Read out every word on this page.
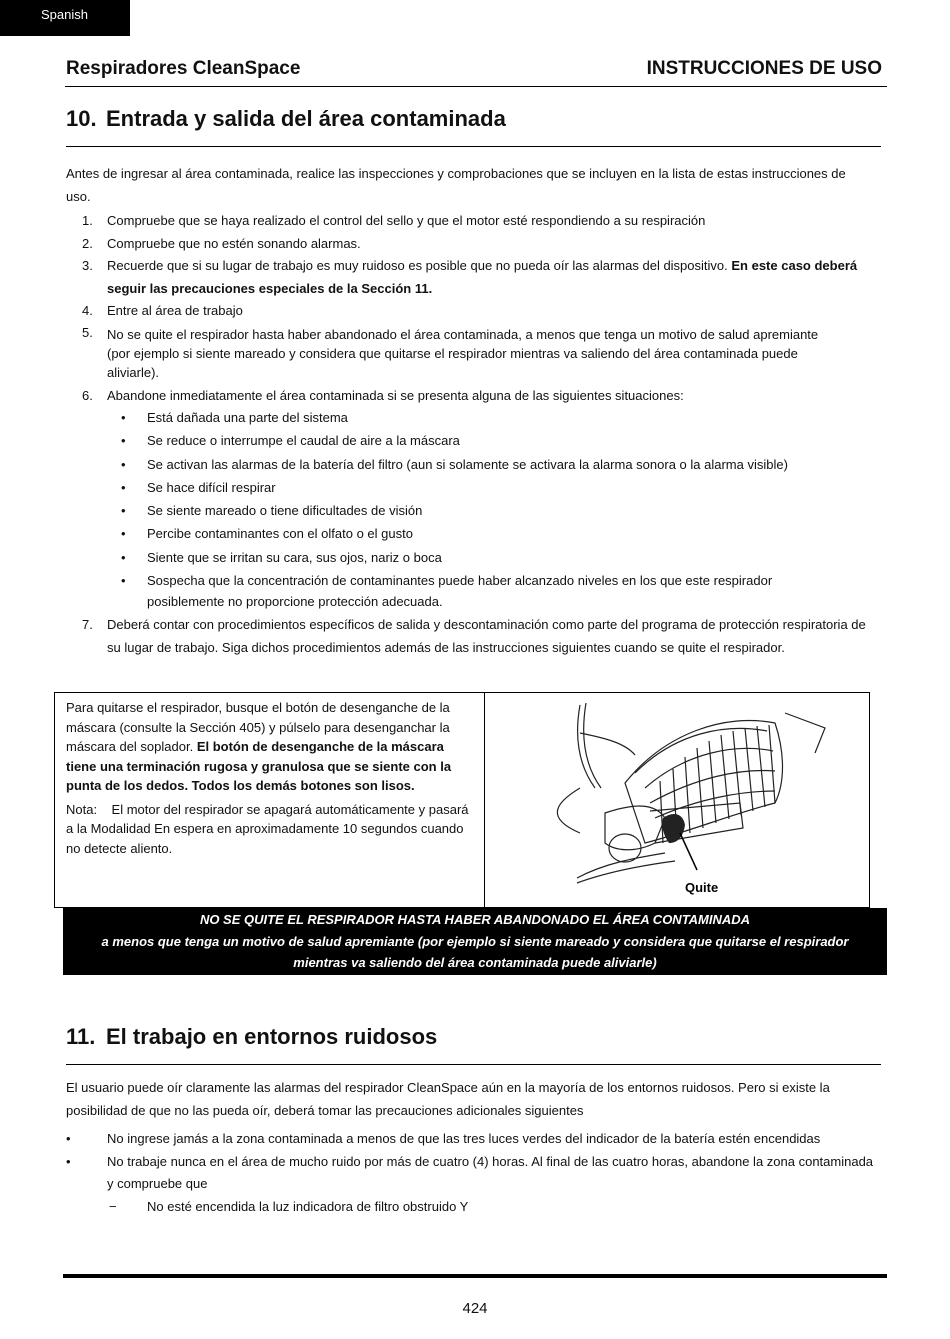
Spanish
Respiradores CleanSpace	INSTRUCCIONES DE USO
10. Entrada y salida del área contaminada

Antes de ingresar al área contaminada, realice las inspecciones y comprobaciones que se incluyen en la lista de estas instrucciones de uso.

1. Compruebe que se haya realizado el control del sello y que el motor esté respondiendo a su respiración
2. Compruebe que no estén sonando alarmas.
3. Recuerde que si su lugar de trabajo es muy ruidoso es posible que no pueda oír las alarmas del dispositivo. En este caso deberá seguir las precauciones especiales de la Sección 11.
4. Entre al área de trabajo
5. No se quite el respirador hasta haber abandonado el área contaminada, a menos que tenga un motivo de salud apremiante (por ejemplo si siente mareado y considera que quitarse el respirador mientras va saliendo del área contaminada puede aliviarle).
6. Abandone inmediatamente el área contaminada si se presenta alguna de las siguientes situaciones:
• Está dañada una parte del sistema
• Se reduce o interrumpe el caudal de aire a la máscara
• Se activan las alarmas de la batería del filtro (aun si solamente se activara la alarma sonora o la alarma visible)
• Se hace difícil respirar
• Se siente mareado o tiene dificultades de visión
• Percibe contaminantes con el olfato o el gusto
• Siente que se irritan su cara, sus ojos, nariz o boca
• Sospecha que la concentración de contaminantes puede haber alcanzado niveles en los que este respirador posiblemente no proporcione protección adecuada.
7. Deberá contar con procedimientos específicos de salida y descontaminación como parte del programa de protección respiratoria de su lugar de trabajo. Siga dichos procedimientos además de las instrucciones siguientes cuando se quite el respirador.

Para quitarse el respirador, busque el botón de desenganche de la máscara (consulte la Sección 405) y púlselo para desenganchar la máscara del soplador. El botón de desenganche de la máscara tiene una terminación rugosa y granulosa que se siente con la punta de los dedos. Todos los demás botones son lisos.

Nota: El motor del respirador se apagará automáticamente y pasará a la Modalidad En espera en aproximadamente 10 segundos cuando no detecte aliento.

Quite
NO SE QUITE EL RESPIRADOR HASTA HABER ABANDONADO EL ÁREA CONTAMINADA
a menos que tenga un motivo de salud apremiante (por ejemplo si siente mareado y considera que quitarse el respirador mientras va saliendo del área contaminada puede aliviarle)
11. El trabajo en entornos ruidosos

El usuario puede oír claramente las alarmas del respirador CleanSpace aún en la mayoría de los entornos ruidosos. Pero si existe la posibilidad de que no las pueda oír, deberá tomar las precauciones adicionales siguientes

•	No ingrese jamás a la zona contaminada a menos de que las tres luces verdes del indicador de la batería estén encendidas
•	No trabaje nunca en el área de mucho ruido por más de cuatro (4) horas. Al final de las cuatro horas, abandone la zona contaminada y compruebe que
− No esté encendida la luz indicadora de filtro obstruido Y
424
